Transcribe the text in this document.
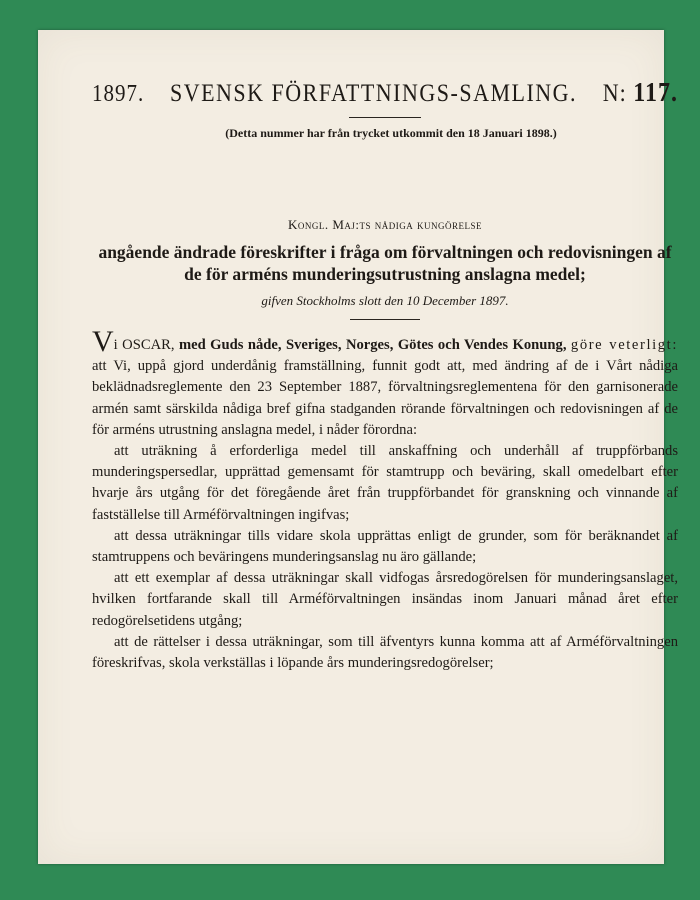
1897. SVENSK FÖRFATTNINGS-SAMLING. N: 117.
(Detta nummer har från trycket utkommit den 18 Januari 1898.)
Kongl. Maj:ts nådiga kungörelse
angående ändrade föreskrifter i fråga om förvaltningen och redovisningen af de för arméns munderingsutrustning anslagna medel;
gifven Stockholms slott den 10 December 1897.

Vi OSCAR, med Guds nåde, Sveriges, Norges, Götes och Vendes Konung, göre veterligt: att Vi, uppå gjord underdånig framställning, funnit godt att, med ändring af de i Vårt nådiga beklädnadsreglemente den 23 September 1887, förvaltningsreglementena för den garnisonerade armén samt särskilda nådiga bref gifna stadganden rörande förvaltningen och redovisningen af de för arméns utrustning anslagna medel, i nåder förordna:

att uträkning å erforderliga medel till anskaffning och underhåll af truppförbands munderingspersedlar, upprättad gemensamt för stamtrupp och beväring, skall omedelbart efter hvarje års utgång för det föregående året från truppförbandet för granskning och vinnande af fastställelse till Arméförvaltningen ingifvas;

att dessa uträkningar tills vidare skola upprättas enligt de grunder, som för beräknandet af stamtruppens och beväringens munderingsanslag nu äro gällande;

att ett exemplar af dessa uträkningar skall vidfogas årsredogörelsen för munderingsanslaget, hvilken fortfarande skall till Arméförvaltningen insändas inom Januari månad året efter redogörelsetidens utgång;

att de rättelser i dessa uträkningar, som till äfventyrs kunna komma att af Arméförvaltningen föreskrifvas, skola verkställas i löpande års munderingsredogörelser;
